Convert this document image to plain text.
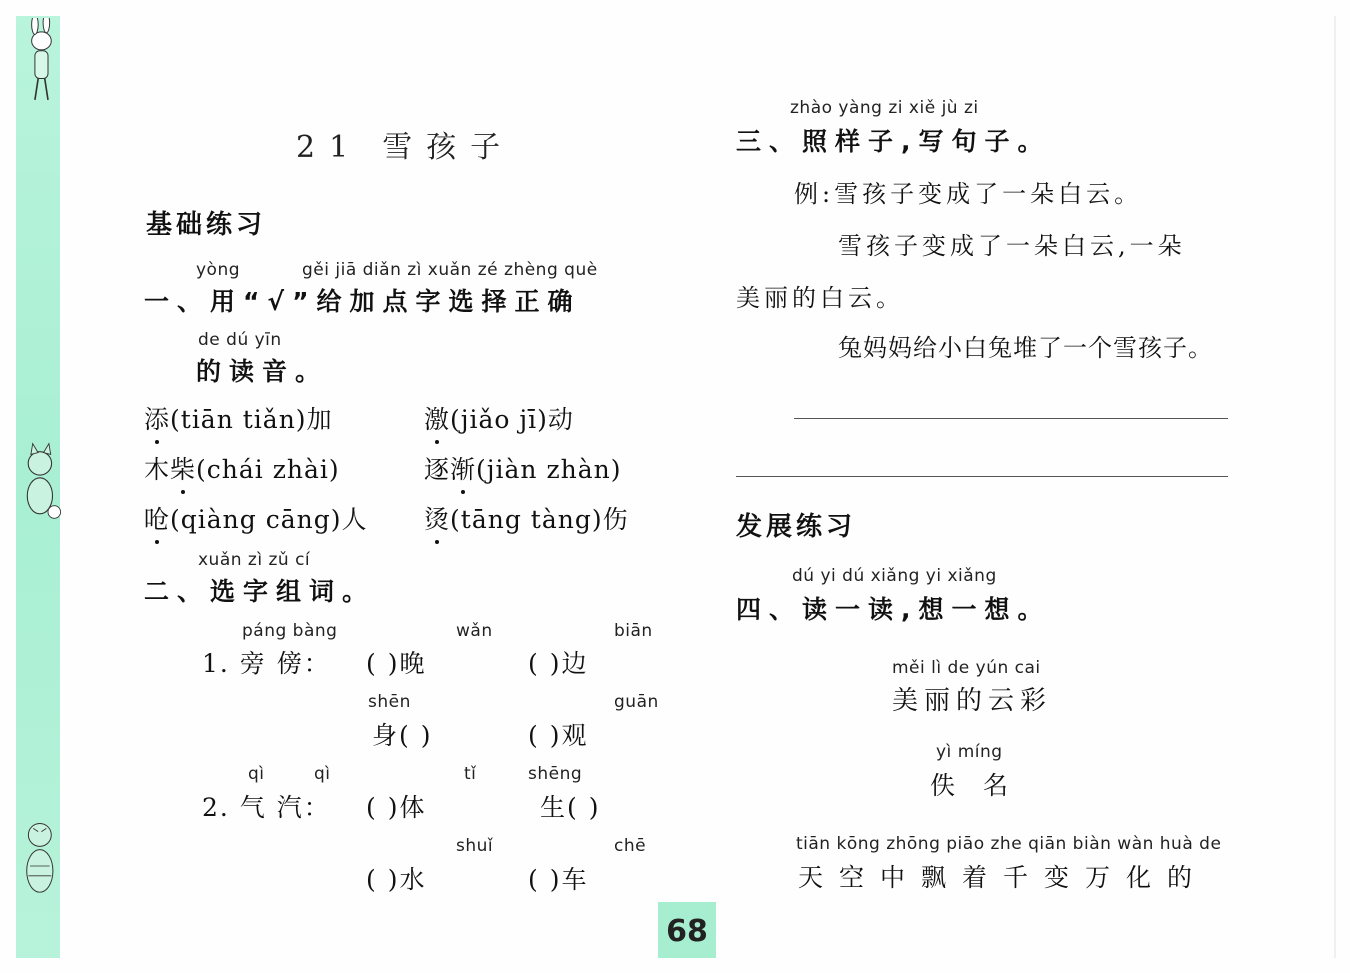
21 雪孩子
基础练习
yòng	gěi jiā diǎn zì xuǎn zé zhèng què
一、用“√”给加点字选择正确
de dú yīn
的读音。
添(tiān tiǎn)加	激(jiǎo jī)动
木柴(chái zhài)	逐渐(jiàn zhàn)
呛(qiàng cāng)人 烫(tāng tàng)伤
xuǎn zì zǔ cí
二、选字组词。
páng bàng	wǎn	biān
1. 旁 傍： ( )晚	( )边
shēn	guān
身( )	( )观
qì	qì	tǐ	shēng
2. 气 汽： ( )体	生( )
shuǐ	chē
( )水	( )车
zhào yàng zi xiě jù zi
三、照样子,写句子。
例:雪孩子变成了一朵白云。
雪孩子变成了一朵白云,一朵
美丽的白云。
兔妈妈给小白兔堆了一个雪孩子。
发展练习
dú yi dú xiǎng yi xiǎng
四、读一读,想一想。
měi lì de yún cai
美丽的云彩
yì míng
佚 名
tiān kōng zhōng piāo zhe qiān biàn wàn huà de
天空中飘着千变万化的
68
